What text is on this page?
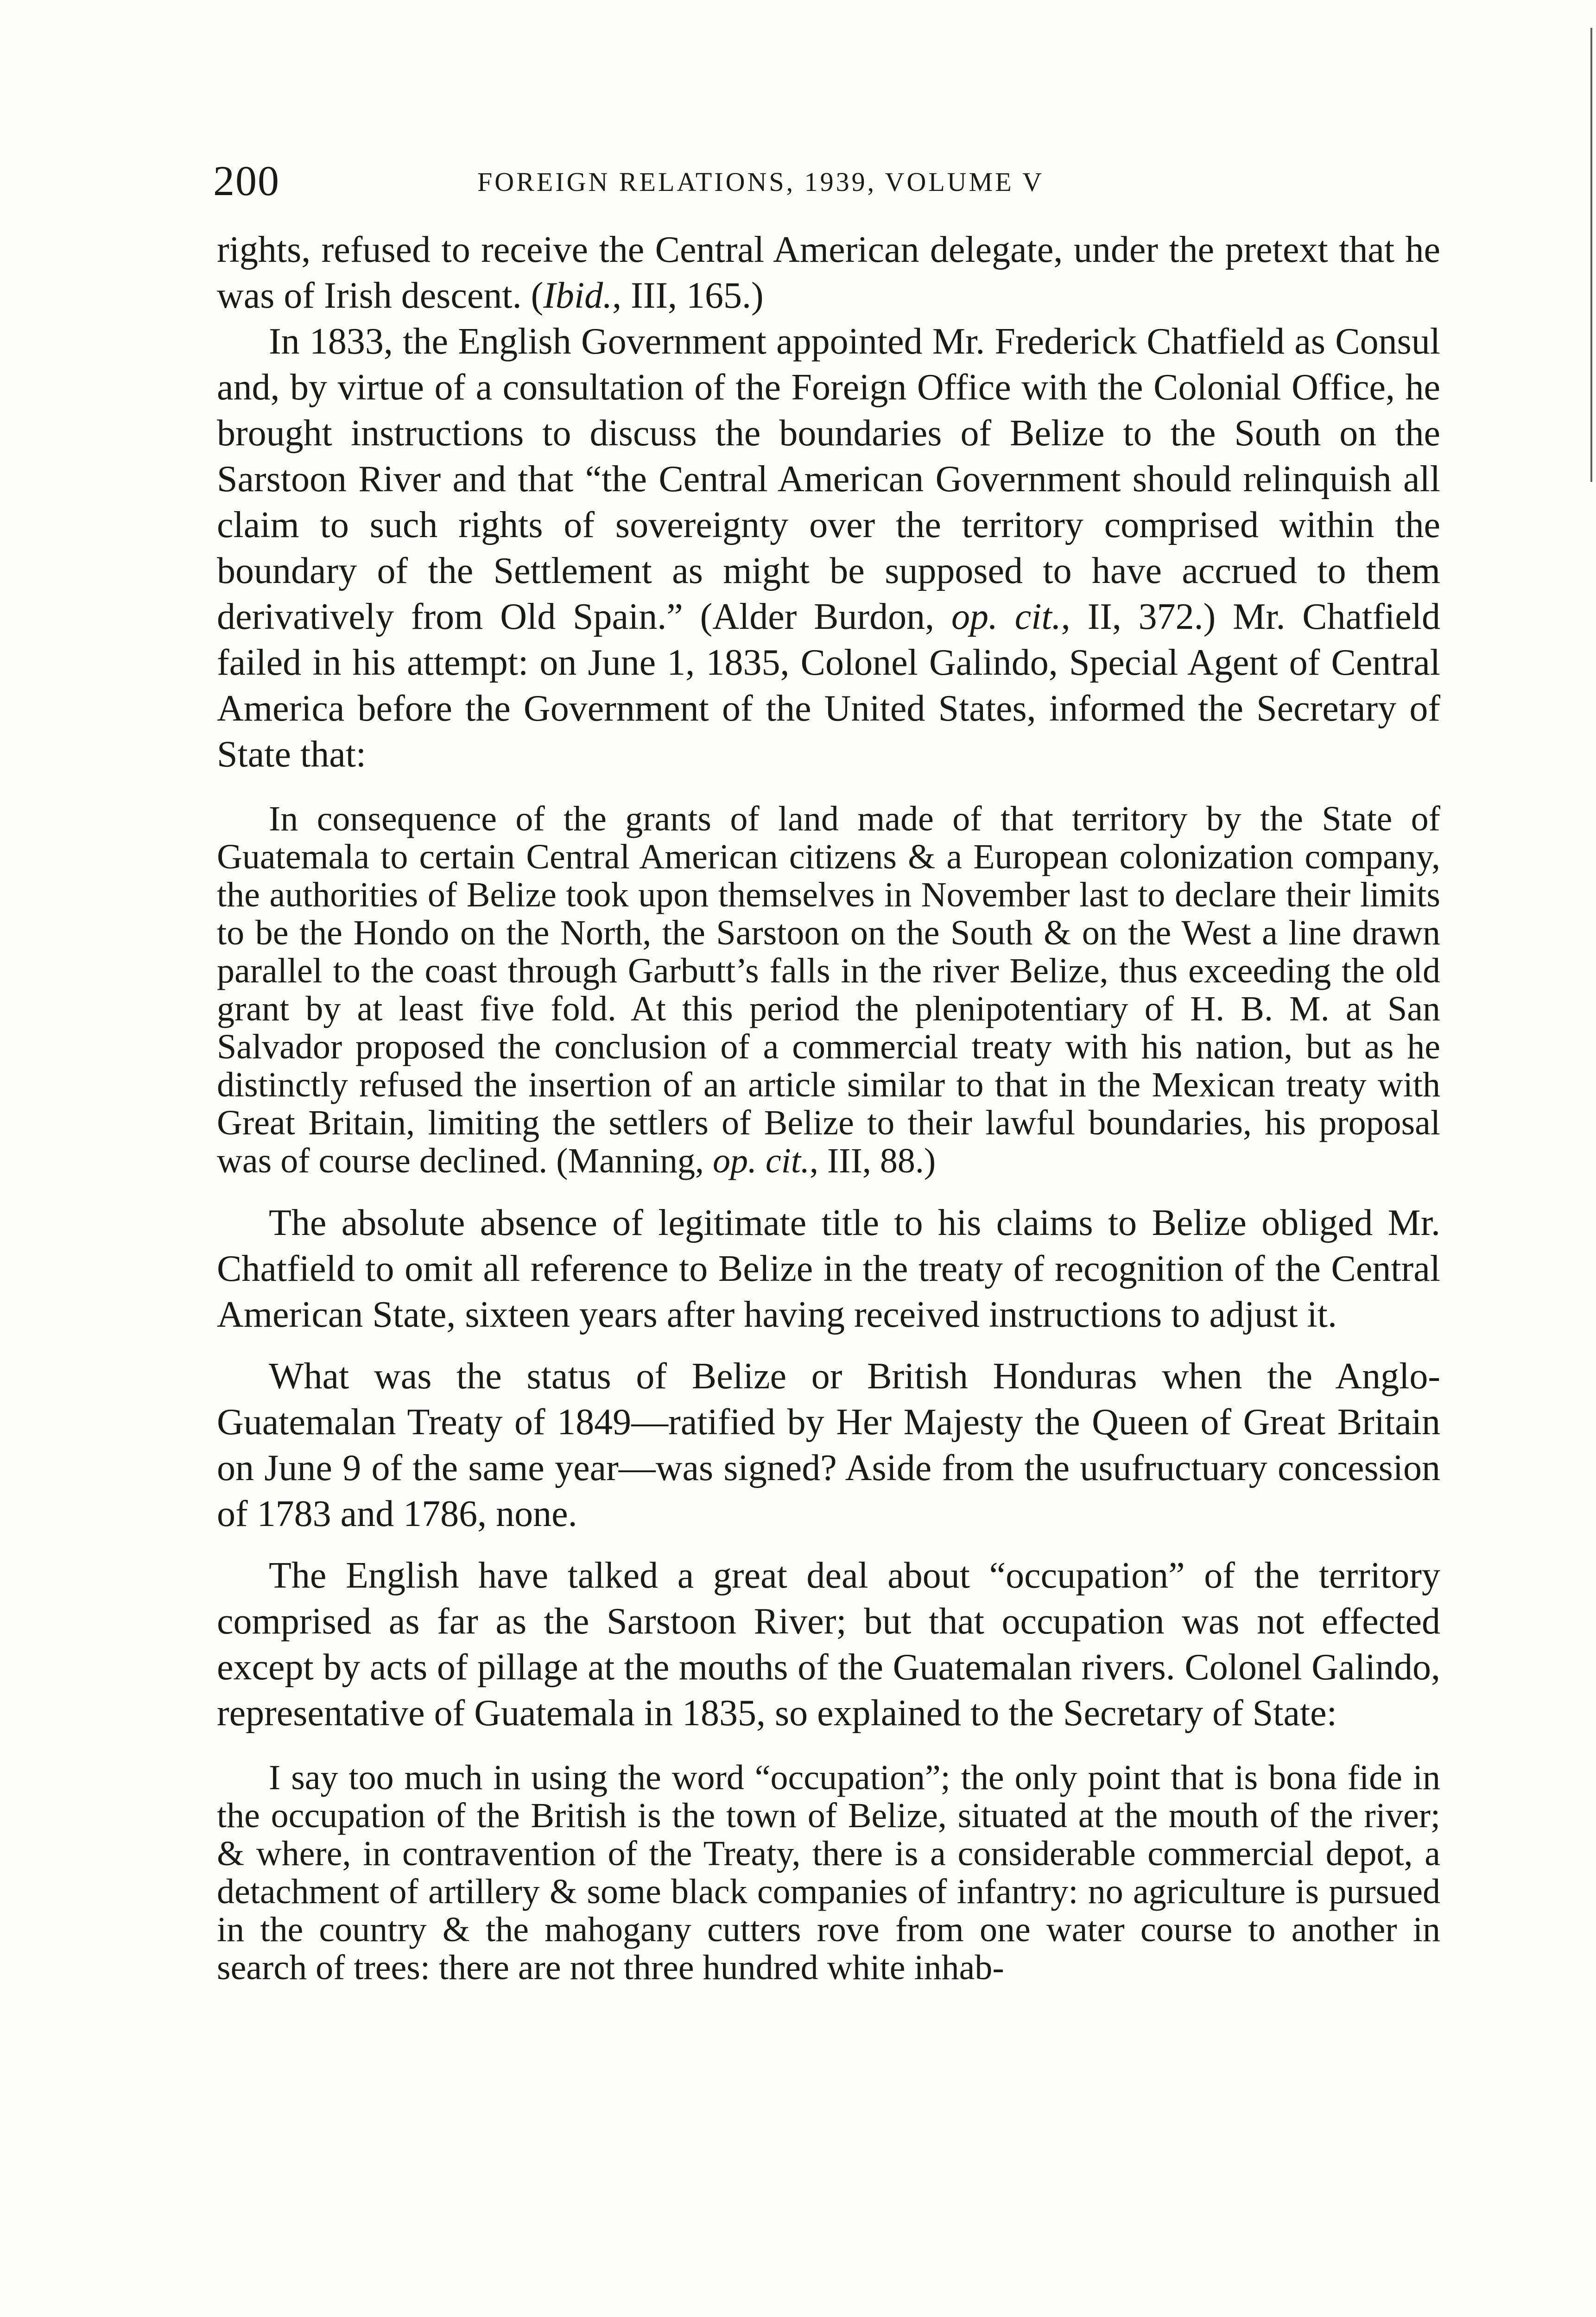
200	FOREIGN RELATIONS, 1939, VOLUME V

rights, refused to receive the Central American delegate, under the pretext that he was of Irish descent. (Ibid., III, 165.)

In 1833, the English Government appointed Mr. Frederick Chatfield as Consul and, by virtue of a consultation of the Foreign Office with the Colonial Office, he brought instructions to discuss the boundaries of Belize to the South on the Sarstoon River and that “the Central American Government should relinquish all claim to such rights of sovereignty over the territory comprised within the boundary of the Settlement as might be supposed to have accrued to them derivatively from Old Spain.” (Alder Burdon, op. cit., II, 372.) Mr. Chatfield failed in his attempt: on June 1, 1835, Colonel Galindo, Special Agent of Central America before the Government of the United States, informed the Secretary of State that:

In consequence of the grants of land made of that territory by the State of Guatemala to certain Central American citizens & a European colonization company, the authorities of Belize took upon themselves in November last to declare their limits to be the Hondo on the North, the Sarstoon on the South & on the West a line drawn parallel to the coast through Garbutt’s falls in the river Belize, thus exceeding the old grant by at least five fold. At this period the plenipotentiary of H. B. M. at San Salvador proposed the conclusion of a commercial treaty with his nation, but as he distinctly refused the insertion of an article similar to that in the Mexican treaty with Great Britain, limiting the settlers of Belize to their lawful boundaries, his proposal was of course declined. (Manning, op. cit., III, 88.)

The absolute absence of legitimate title to his claims to Belize obliged Mr. Chatfield to omit all reference to Belize in the treaty of recognition of the Central American State, sixteen years after having received instructions to adjust it.

What was the status of Belize or British Honduras when the Anglo-Guatemalan Treaty of 1849—ratified by Her Majesty the Queen of Great Britain on June 9 of the same year—was signed? Aside from the usufructuary concession of 1783 and 1786, none.

The English have talked a great deal about “occupation” of the territory comprised as far as the Sarstoon River; but that occupation was not effected except by acts of pillage at the mouths of the Guatemalan rivers. Colonel Galindo, representative of Guatemala in 1835, so explained to the Secretary of State:

I say too much in using the word “occupation”; the only point that is bona fide in the occupation of the British is the town of Belize, situated at the mouth of the river; & where, in contravention of the Treaty, there is a considerable commercial depot, a detachment of artillery & some black companies of infantry: no agriculture is pursued in the country & the mahogany cutters rove from one water course to another in search of trees: there are not three hundred white inhab-
